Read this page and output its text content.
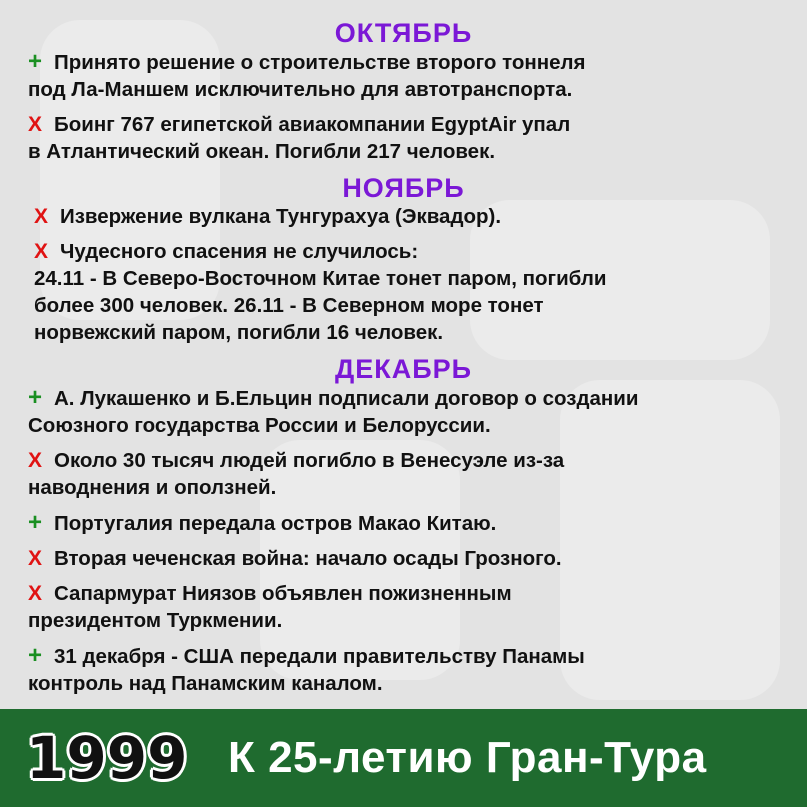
ОКТЯБРЬ
+ Принято решение о строительстве второго тоннеля
под Ла-Маншем исключительно для автотранспорта.
Х Боинг 767 египетской авиакомпании EgyptAir упал
в Атлантический океан. Погибли 217 человек.
НОЯБРЬ
Х Извержение вулкана Тунгурахуа (Эквадор).
Х Чудесного спасения не случилось:
24.11 - В Северо-Восточном Китае тонет паром, погибли
более 300 человек. 26.11 - В Северном море тонет
норвежский паром, погибли 16 человек.
ДЕКАБРЬ
+ А. Лукашенко и Б.Ельцин подписали договор о создании
Союзного государства России и Белоруссии.
Х Около 30 тысяч людей погибло в Венесуэле из-за
наводнения и оползней.
+ Португалия передала остров Макао Китаю.
Х Вторая чеченская война: начало осады Грозного.
Х Сапармурат Ниязов объявлен пожизненным
президентом Туркмении.
+ 31 декабря - США передали правительству Панамы
контроль над Панамским каналом.
1999 К 25-летию Гран-Тура
